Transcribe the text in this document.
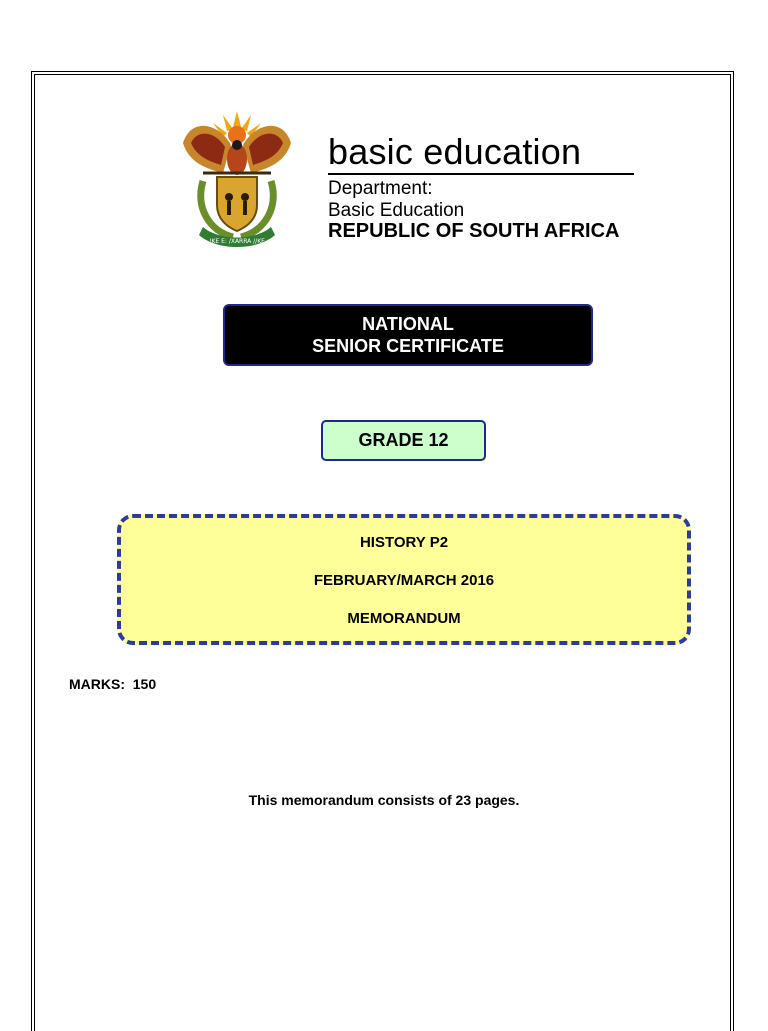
!KE E: /XARRA //KE
basic education
Department:
Basic Education
REPUBLIC OF SOUTH AFRICA
NATIONAL
SENIOR CERTIFICATE
GRADE 12
HISTORY P2
FEBRUARY/MARCH 2016
MEMORANDUM
MARKS:  150
This memorandum consists of 23 pages.
